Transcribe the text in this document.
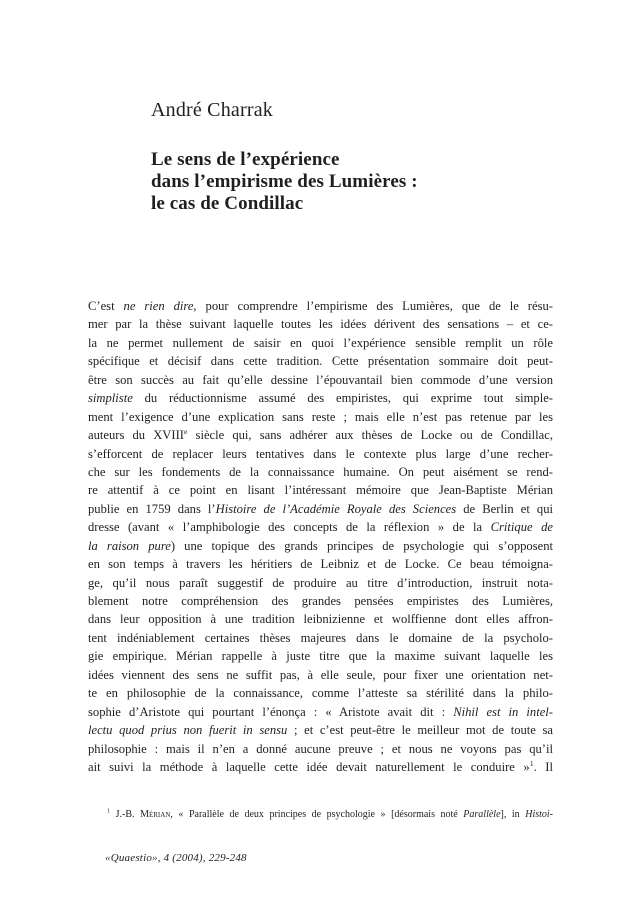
André Charrak
Le sens de l’expérience
dans l’empirisme des Lumières :
le cas de Condillac
C’est ne rien dire, pour comprendre l’empirisme des Lumières, que de le résu-
mer par la thèse suivant laquelle toutes les idées dérivent des sensations – et ce-
la ne permet nullement de saisir en quoi l’expérience sensible remplit un rôle
spécifique et décisif dans cette tradition. Cette présentation sommaire doit peut-
être son succès au fait qu’elle dessine l’épouvantail bien commode d’une version
simpliste du réductionnisme assumé des empiristes, qui exprime tout simple-
ment l’exigence d’une explication sans reste ; mais elle n’est pas retenue par les
auteurs du XVIIIe siècle qui, sans adhérer aux thèses de Locke ou de Condillac,
s’efforcent de replacer leurs tentatives dans le contexte plus large d’une recher-
che sur les fondements de la connaissance humaine. On peut aisément se rend-
re attentif à ce point en lisant l’intéressant mémoire que Jean-Baptiste Mérian
publie en 1759 dans l’Histoire de l’Académie Royale des Sciences de Berlin et qui
dresse (avant « l’amphibologie des concepts de la réflexion » de la Critique de
la raison pure) une topique des grands principes de psychologie qui s’opposent
en son temps à travers les héritiers de Leibniz et de Locke. Ce beau témoigna-
ge, qu’il nous paraît suggestif de produire au titre d’introduction, instruit nota-
blement notre compréhension des grandes pensées empiristes des Lumières,
dans leur opposition à une tradition leibnizienne et wolffienne dont elles affron-
tent indéniablement certaines thèses majeures dans le domaine de la psycholo-
gie empirique. Mérian rappelle à juste titre que la maxime suivant laquelle les
idées viennent des sens ne suffit pas, à elle seule, pour fixer une orientation net-
te en philosophie de la connaissance, comme l’atteste sa stérilité dans la philo-
sophie d’Aristote qui pourtant l’énonça : « Aristote avait dit : Nihil est in intel-
lectu quod prius non fuerit in sensu ; et c’est peut-être le meilleur mot de toute sa
philosophie : mais il n’en a donné aucune preuve ; et nous ne voyons pas qu’il
ait suivi la méthode à laquelle cette idée devait naturellement le conduire »$^1$. Il
$^1$ J.-B. Mérian, « Parallèle de deux principes de psychologie » [désormais noté Parallèle], in Histoi-
«Quaestio», 4 (2004), 229-248
